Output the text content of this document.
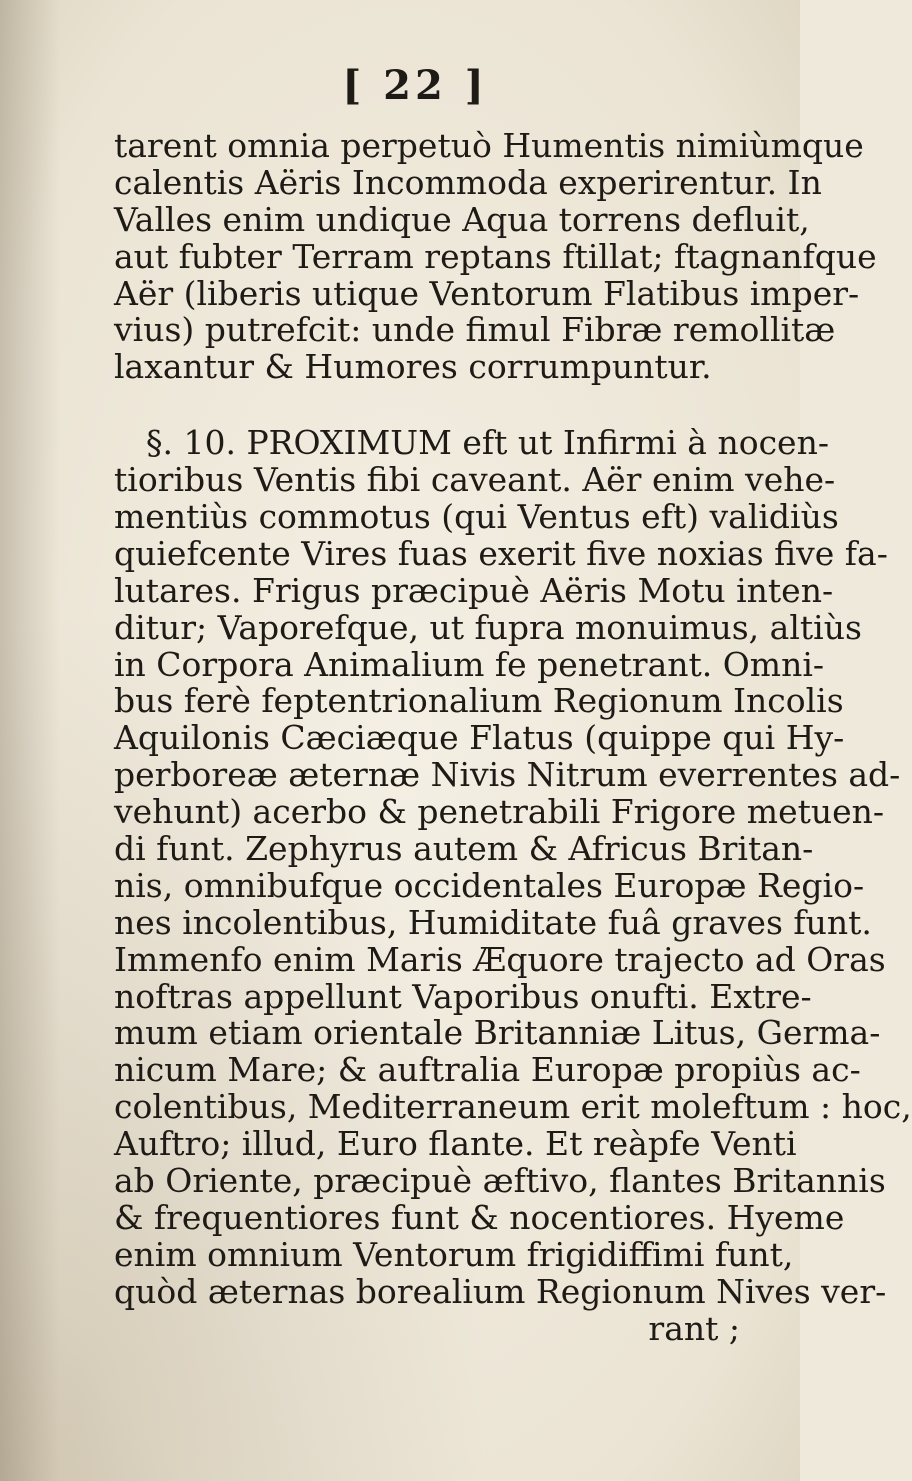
[ 22 ]
tarent omnia perpetuò Humentis nimiùmque
calentis Aëris Incommoda experirentur. In
Valles enim undique Aqua torrens defluit,
aut fubter Terram reptans ftillat; ftagnanfque
Aër (liberis utique Ventorum Flatibus imper-
vius) putrefcit: unde fimul Fibræ remollitæ
laxantur & Humores corrumpuntur.
§. 10. PROXIMUM eft ut Infirmi à nocen-
tioribus Ventis fibi caveant. Aër enim vehe-
mentiùs commotus (qui Ventus eft) validiùs
quiefcente Vires fuas exerit five noxias five fa-
lutares. Frigus præcipuè Aëris Motu inten-
ditur; Vaporefque, ut fupra monuimus, altiùs
in Corpora Animalium fe penetrant. Omni-
bus ferè feptentrionalium Regionum Incolis
Aquilonis Cæciæque Flatus (quippe qui Hy-
perboreæ æternæ Nivis Nitrum everrentes ad-
vehunt) acerbo & penetrabili Frigore metuen-
di funt. Zephyrus autem & Africus Britan-
nis, omnibufque occidentales Europæ Regio-
nes incolentibus, Humiditate fuâ graves funt.
Immenfo enim Maris Æquore trajecto ad Oras
noftras appellunt Vaporibus onufti. Extre-
mum etiam orientale Britanniæ Litus, Germa-
nicum Mare; & auftralia Europæ propiùs ac-
colentibus, Mediterraneum erit moleftum : hoc,
Auftro; illud, Euro flante. Et reàpfe Venti
ab Oriente, præcipuè æftivo, flantes Britannis
& frequentiores funt & nocentiores. Hyeme
enim omnium Ventorum frigidiffimi funt,
quòd æternas borealium Regionum Nives ver-
rant ;
